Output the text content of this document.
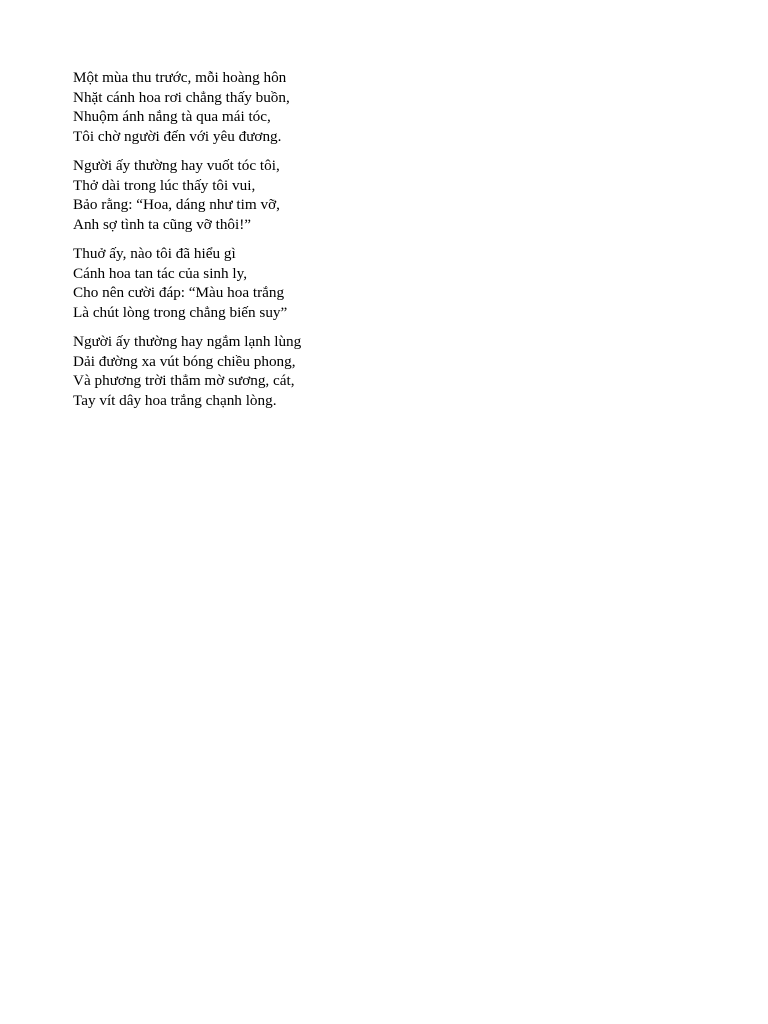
Một mùa thu trước, mỗi hoàng hôn
Nhặt cánh hoa rơi chẳng thấy buồn,
Nhuộm ánh nắng tà qua mái tóc,
Tôi chờ người đến với yêu đương.
Người ấy thường hay vuốt tóc tôi,
Thở dài trong lúc thấy tôi vui,
Bảo rằng: “Hoa, dáng như tim vỡ,
Anh sợ tình ta cũng vỡ thôi!”
Thuở ấy, nào tôi đã hiểu gì
Cánh hoa tan tác của sinh ly,
Cho nên cười đáp: “Màu hoa trắng
Là chút lòng trong chẳng biến suy”
Người ấy thường hay ngắm lạnh lùng
Dải đường xa vút bóng chiều phong,
Và phương trời thẳm mờ sương, cát,
Tay vít dây hoa trắng chạnh lòng.
